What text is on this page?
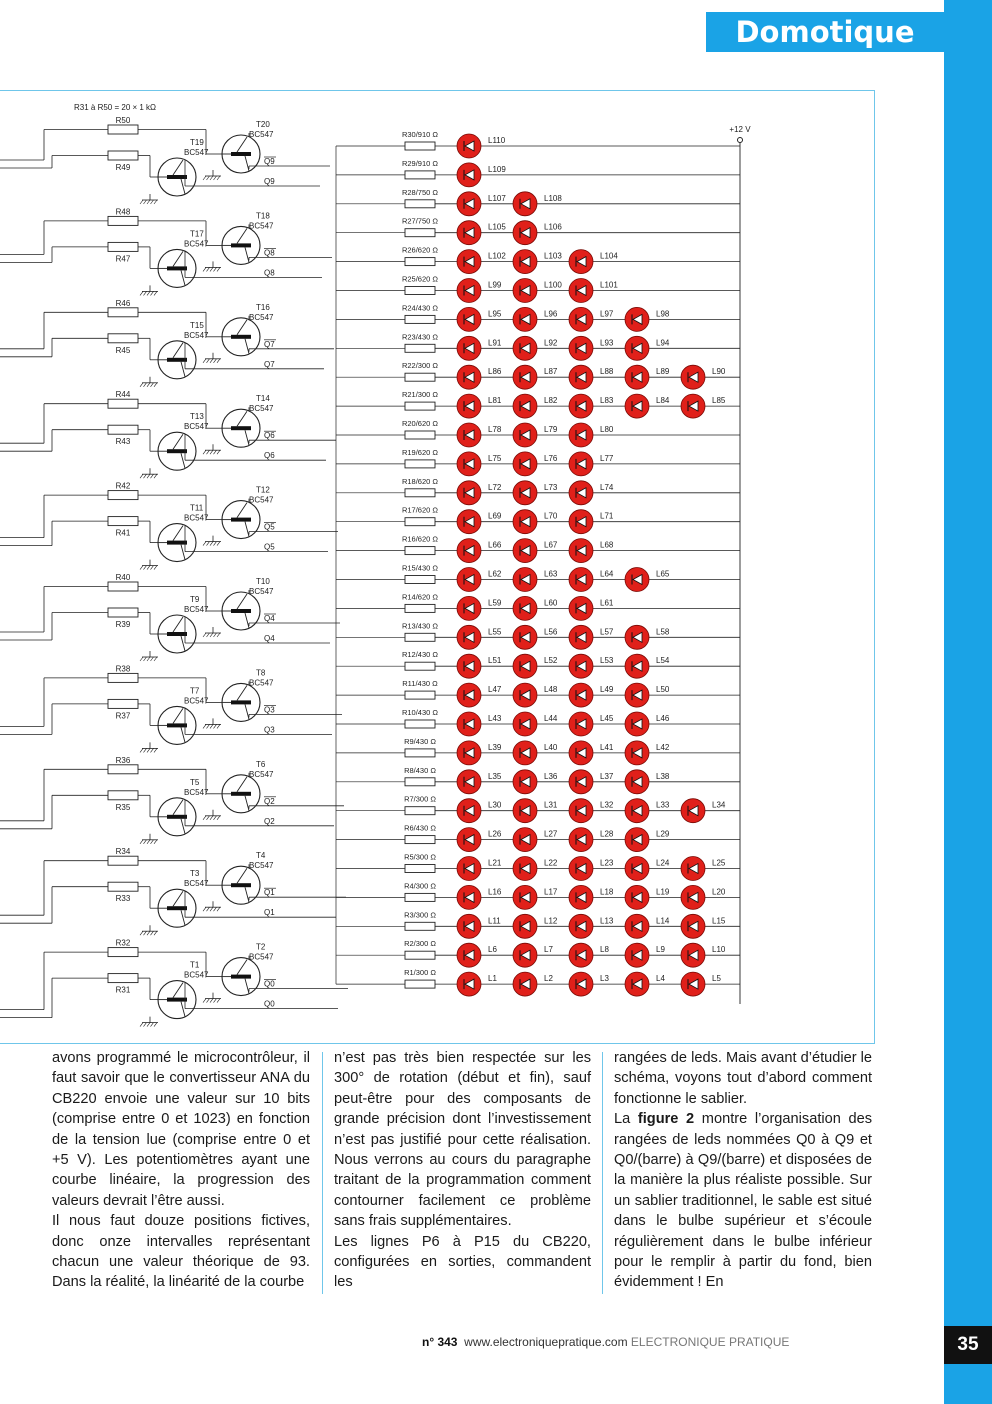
Domotique
R31 à R50 = 20 × 1 kΩ
R50
R49
T20
BC547
Q9
T19
BC547
Q9
R48
R47
T18
BC547
Q8
T17
BC547
Q8
R46
R45
T16
BC547
Q7
T15
BC547
Q7
R44
R43
T14
BC547
Q6
T13
BC547
Q6
R42
R41
T12
BC547
Q5
T11
BC547
Q5
R40
R39
T10
BC547
Q4
T9
BC547
Q4
R38
R37
T8
BC547
Q3
T7
BC547
Q3
R36
R35
T6
BC547
Q2
T5
BC547
Q2
R34
R33
T4
BC547
Q1
T3
BC547
Q1
R32
R31
T2
BC547
Q0
T1
BC547
Q0
+12 V
R30/910 Ω
L110
R29/910 Ω
L109
R28/750 Ω
L107	L108
R27/750 Ω
L105	L106
R26/620 Ω
L102	L103	L104
R25/620 Ω
L99	L100	L101
R24/430 Ω
L95	L96	L97	L98
R23/430 Ω
L91	L92	L93	L94
R22/300 Ω
L86	L87	L88	L89	L90
R21/300 Ω
L81	L82	L83	L84	L85
R20/620 Ω
L78	L79	L80
R19/620 Ω
L75	L76	L77
R18/620 Ω
L72	L73	L74
R17/620 Ω
L69	L70	L71
R16/620 Ω
L66	L67	L68
R15/430 Ω
L62	L63	L64	L65
R14/620 Ω
L59	L60	L61
R13/430 Ω
L55	L56	L57	L58
R12/430 Ω
L51	L52	L53	L54
R11/430 Ω
L47	L48	L49	L50
R10/430 Ω
L43	L44	L45	L46
R9/430 Ω
L39	L40	L41	L42
R8/430 Ω
L35	L36	L37	L38
R7/300 Ω
L30	L31	L32	L33	L34
R6/430 Ω
L26	L27	L28	L29
R5/300 Ω
L21	L22	L23	L24	L25
R4/300 Ω
L16	L17	L18	L19	L20
R3/300 Ω
L11	L12	L13	L14	L15
R2/300 Ω
L6	L7	L8	L9	L10
R1/300 Ω
L1	L2	L3	L4	L5

avons programmé le microcontrôleur, il faut savoir que le convertisseur ANA du CB220 envoie une valeur sur 10 bits (comprise entre 0 et 1023) en fonction de la tension lue (comprise entre 0 et +5 V). Les potentiomètres ayant une courbe linéaire, la progression des valeurs devrait l’être aussi.

Il nous faut douze positions fictives, donc onze intervalles représentant chacun une valeur théorique de 93. Dans la réalité, la linéarité de la courbe

n’est pas très bien respectée sur les 300° de rotation (début et fin), sauf peut-être pour des composants de grande précision dont l’investissement n’est pas justifié pour cette réalisation. Nous verrons au cours du paragraphe traitant de la programmation comment contourner facilement ce problème sans frais supplémentaires.

Les lignes P6 à P15 du CB220, configurées en sorties, commandent les

rangées de leds. Mais avant d’étudier le schéma, voyons tout d’abord comment fonctionne le sablier.

La figure 2 montre l’organisation des rangées de leds nommées Q0 à Q9 et Q0/(barre) à Q9/(barre) et disposées de la manière la plus réaliste possible. Sur un sablier traditionnel, le sable est situé dans le bulbe supérieur et s’écoule régulièrement dans le bulbe inférieur pour le remplir à partir du fond, bien évidemment ! En

n° 343 www.electroniquepratique.com ELECTRONIQUE PRATIQUE	35
